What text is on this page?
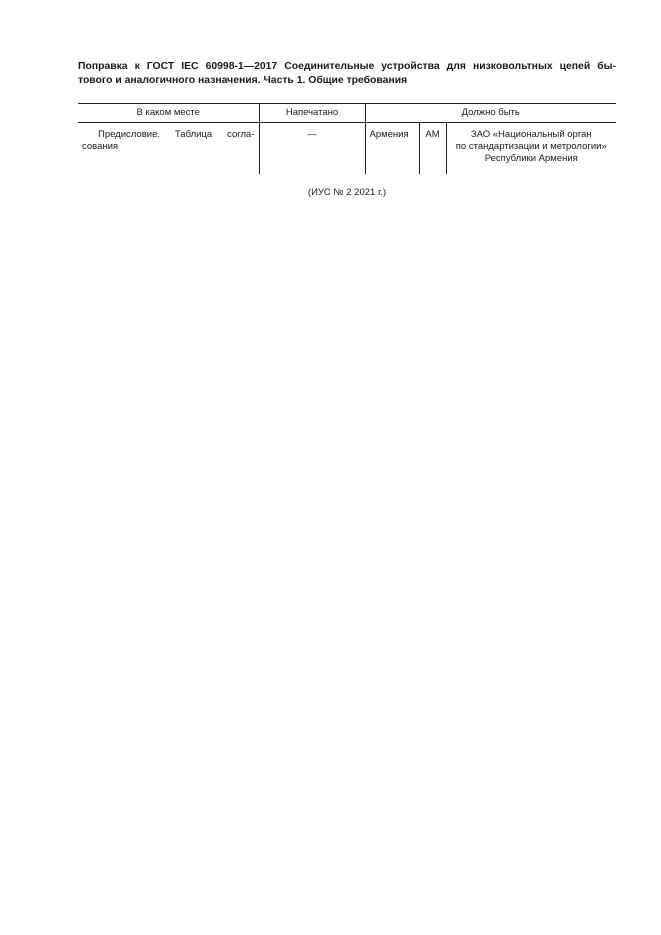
Поправка к ГОСТ IEC 60998-1—2017 Соединительные устройства для низковольтных цепей бы-
тового и аналогичного назначения. Часть 1. Общие требования
В каком месте	Напечатано	Должно быть		
Предисловие. Таблица согла-сования	—	Армения	AM	ЗАО «Национальный орган
по стандартизации и метрологии»
Республики Армения
(ИУС № 2 2021 г.)
